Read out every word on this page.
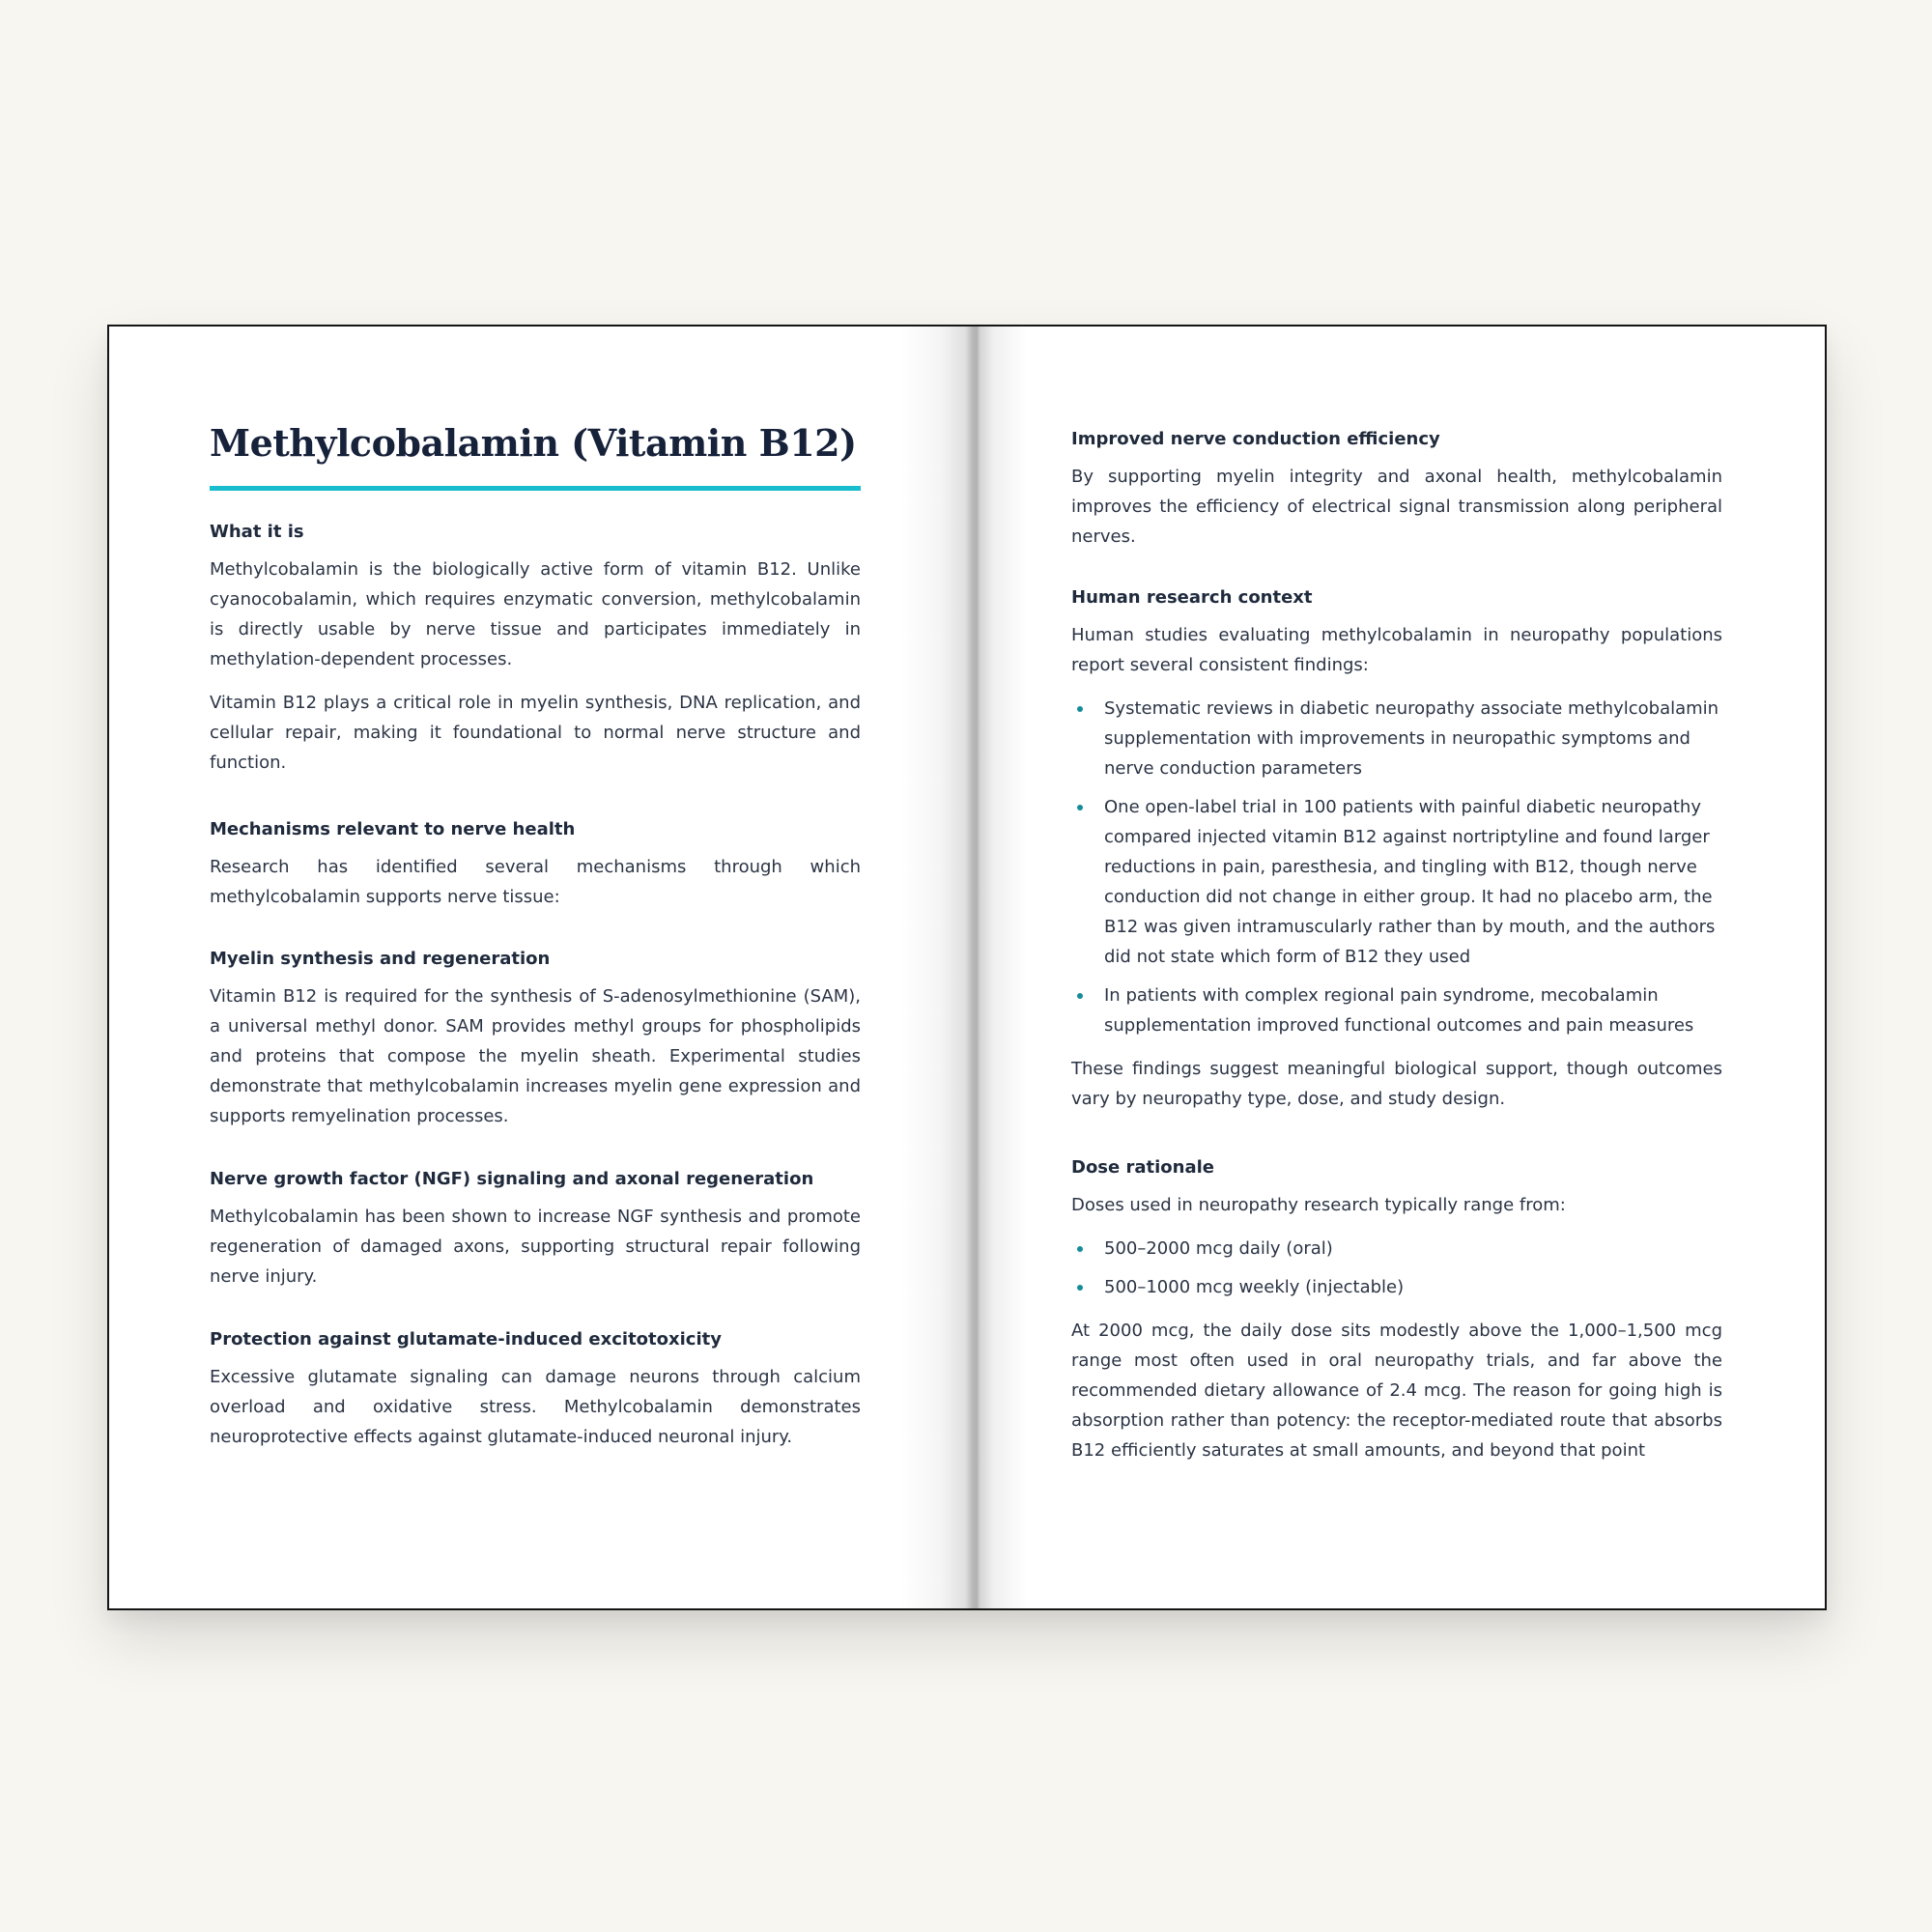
Methylcobalamin (Vitamin B12)
What it is

Methylcobalamin is the biologically active form of vitamin B12. Unlike cyanocobalamin, which requires enzymatic conversion, methylcobalamin is directly usable by nerve tissue and participates immediately in methylation-dependent processes.

Vitamin B12 plays a critical role in myelin synthesis, DNA replication, and cellular repair, making it foundational to normal nerve structure and function.

Mechanisms relevant to nerve health

Research has identified several mechanisms through which methylcobalamin supports nerve tissue:

Myelin synthesis and regeneration

Vitamin B12 is required for the synthesis of S-adenosylmethionine (SAM), a universal methyl donor. SAM provides methyl groups for phospholipids and proteins that compose the myelin sheath. Experimental studies demonstrate that methylcobalamin increases myelin gene expression and supports remyelination processes.

Nerve growth factor (NGF) signaling and axonal regeneration

Methylcobalamin has been shown to increase NGF synthesis and promote regeneration of damaged axons, supporting structural repair following nerve injury.

Protection against glutamate-induced excitotoxicity

Excessive glutamate signaling can damage neurons through calcium overload and oxidative stress. Methylcobalamin demonstrates neuroprotective effects against glutamate-induced neuronal injury.

Improved nerve conduction efficiency

By supporting myelin integrity and axonal health, methylcobalamin improves the efficiency of electrical signal transmission along peripheral nerves.

Human research context

Human studies evaluating methylcobalamin in neuropathy populations report several consistent findings:

Systematic reviews in diabetic neuropathy associate methylcobalamin supplementation with improvements in neuropathic symptoms and nerve conduction parameters
One open-label trial in 100 patients with painful diabetic neuropathy compared injected vitamin B12 against nortriptyline and found larger reductions in pain, paresthesia, and tingling with B12, though nerve conduction did not change in either group. It had no placebo arm, the B12 was given intramuscularly rather than by mouth, and the authors did not state which form of B12 they used
In patients with complex regional pain syndrome, mecobalamin supplementation improved functional outcomes and pain measures

These findings suggest meaningful biological support, though outcomes vary by neuropathy type, dose, and study design.

Dose rationale

Doses used in neuropathy research typically range from:

500–2000 mcg daily (oral)
500–1000 mcg weekly (injectable)

At 2000 mcg, the daily dose sits modestly above the 1,000–1,500 mcg range most often used in oral neuropathy trials, and far above the recommended dietary allowance of 2.4 mcg. The reason for going high is absorption rather than potency: the receptor-mediated route that absorbs B12 efficiently saturates at small amounts, and beyond that point
